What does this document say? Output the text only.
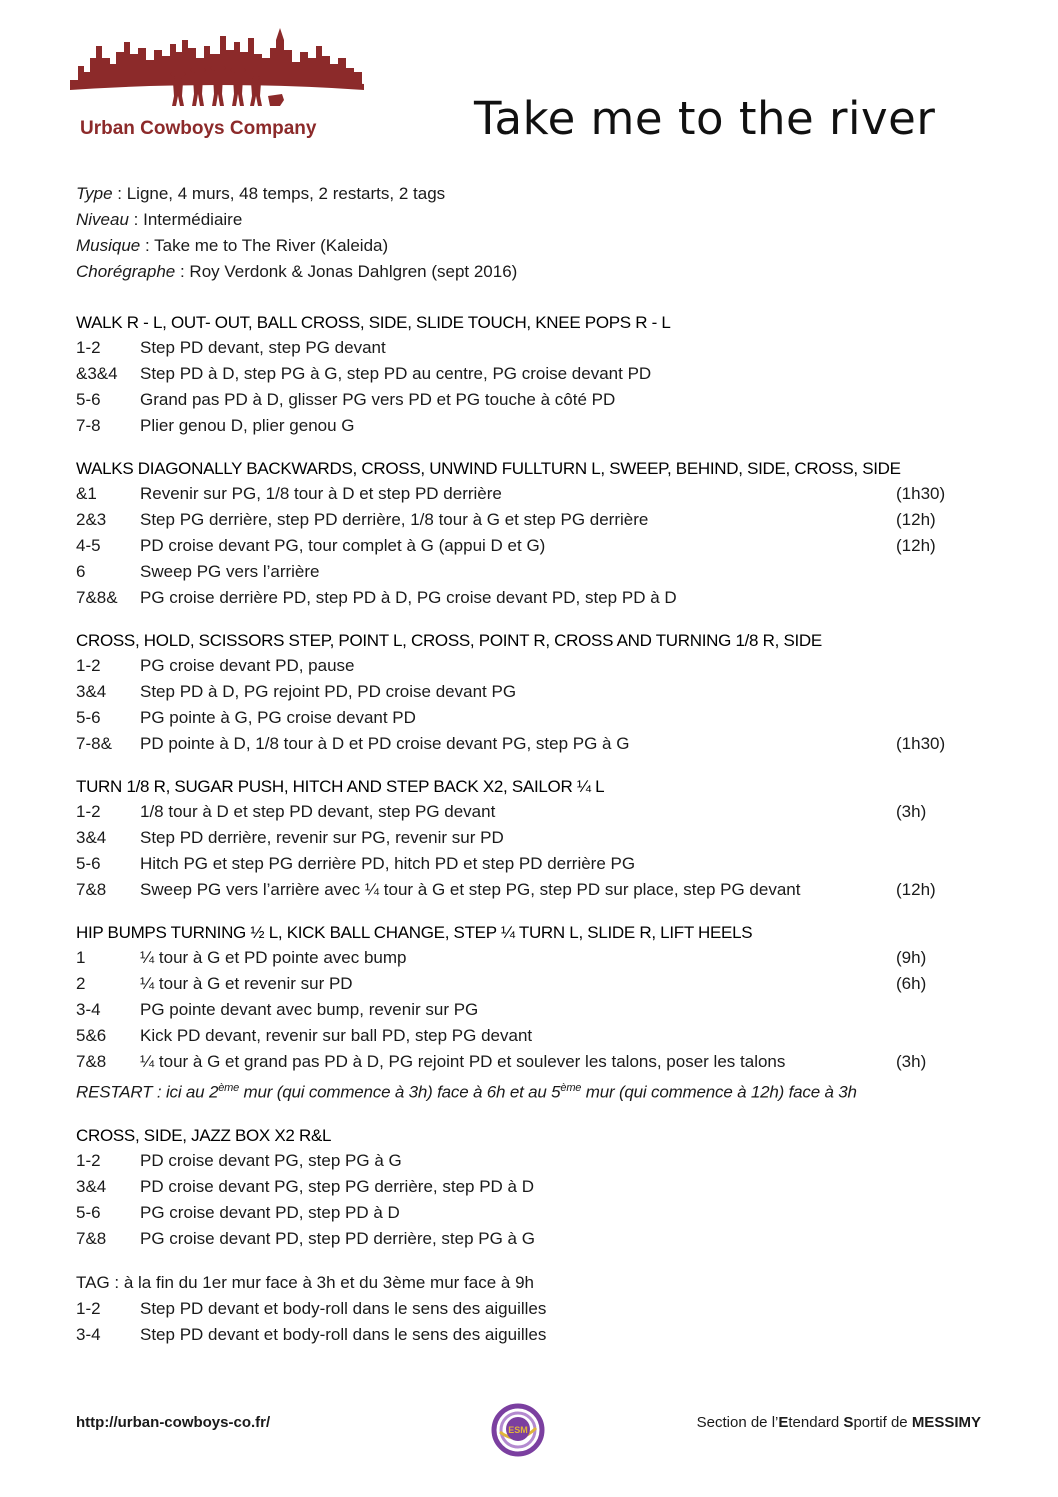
Urban Cowboys Company	Take me to the river
Type : Ligne, 4 murs, 48 temps, 2 restarts, 2 tags
Niveau : Intermédiaire
Musique : Take me to The River (Kaleida)
Chorégraphe : Roy Verdonk & Jonas Dahlgren (sept 2016)
WALK R - L, OUT- OUT, BALL CROSS, SIDE, SLIDE TOUCH, KNEE POPS R - L
1-2 Step PD devant, step PG devant
&3&4 Step PD à D, step PG à G, step PD au centre, PG croise devant PD
5-6 Grand pas PD à D, glisser PG vers PD et PG touche à côté PD
7-8 Plier genou D, plier genou G
WALKS DIAGONALLY BACKWARDS, CROSS, UNWIND FULLTURN L, SWEEP, BEHIND, SIDE, CROSS, SIDE
&1	Revenir sur PG, 1/8 tour à D et step PD derrière	(1h30)
2&3 Step PG derrière, step PD derrière, 1/8 tour à G et step PG derrière	(12h)
4-5 PD croise devant PG, tour complet à G (appui D et G)	(12h)
6	Sweep PG vers l’arrière
7&8& PG croise derrière PD, step PD à D, PG croise devant PD, step PD à D
CROSS, HOLD, SCISSORS STEP, POINT L, CROSS, POINT R, CROSS AND TURNING 1/8 R, SIDE
1-2 PG croise devant PD, pause
3&4 Step PD à D, PG rejoint PD, PD croise devant PG
5-6 PG pointe à G, PG croise devant PD
7-8& PD pointe à D, 1/8 tour à D et PD croise devant PG, step PG à G	(1h30)
TURN 1/8 R, SUGAR PUSH, HITCH AND STEP BACK X2, SAILOR ¼ L
1-2 1/8 tour à D et step PD devant, step PG devant	(3h)
3&4 Step PD derrière, revenir sur PG, revenir sur PD
5-6 Hitch PG et step PG derrière PD, hitch PD et step PD derrière PG
7&8 Sweep PG vers l’arrière avec ¼ tour à G et step PG, step PD sur place, step PG devant	(12h)
HIP BUMPS TURNING ½ L, KICK BALL CHANGE, STEP ¼ TURN L, SLIDE R, LIFT HEELS
1	¼ tour à G et PD pointe avec bump	(9h)
2	¼ tour à G et revenir sur PD	(6h)
3-4 PG pointe devant avec bump, revenir sur PG
5&6 Kick PD devant, revenir sur ball PD, step PG devant
7&8 ¼ tour à G et grand pas PD à D, PG rejoint PD et soulever les talons, poser les talons	(3h)
RESTART : ici au 2ème mur (qui commence à 3h) face à 6h et au 5ème mur (qui commence à 12h) face à 3h
CROSS, SIDE, JAZZ BOX X2 R&L
1-2 PD croise devant PG, step PG à G
3&4 PD croise devant PG, step PG derrière, step PD à D
5-6 PG croise devant PD, step PD à D
7&8 PG croise devant PD, step PD derrière, step PG à G
TAG : à la fin du 1er mur face à 3h et du 3ème mur face à 9h
1-2 Step PD devant et body-roll dans le sens des aiguilles
3-4 Step PD devant et body-roll dans le sens des aiguilles
http://urban-cowboys-co.fr/	ESM	Section de l’Etendard Sportif de MESSIMY
